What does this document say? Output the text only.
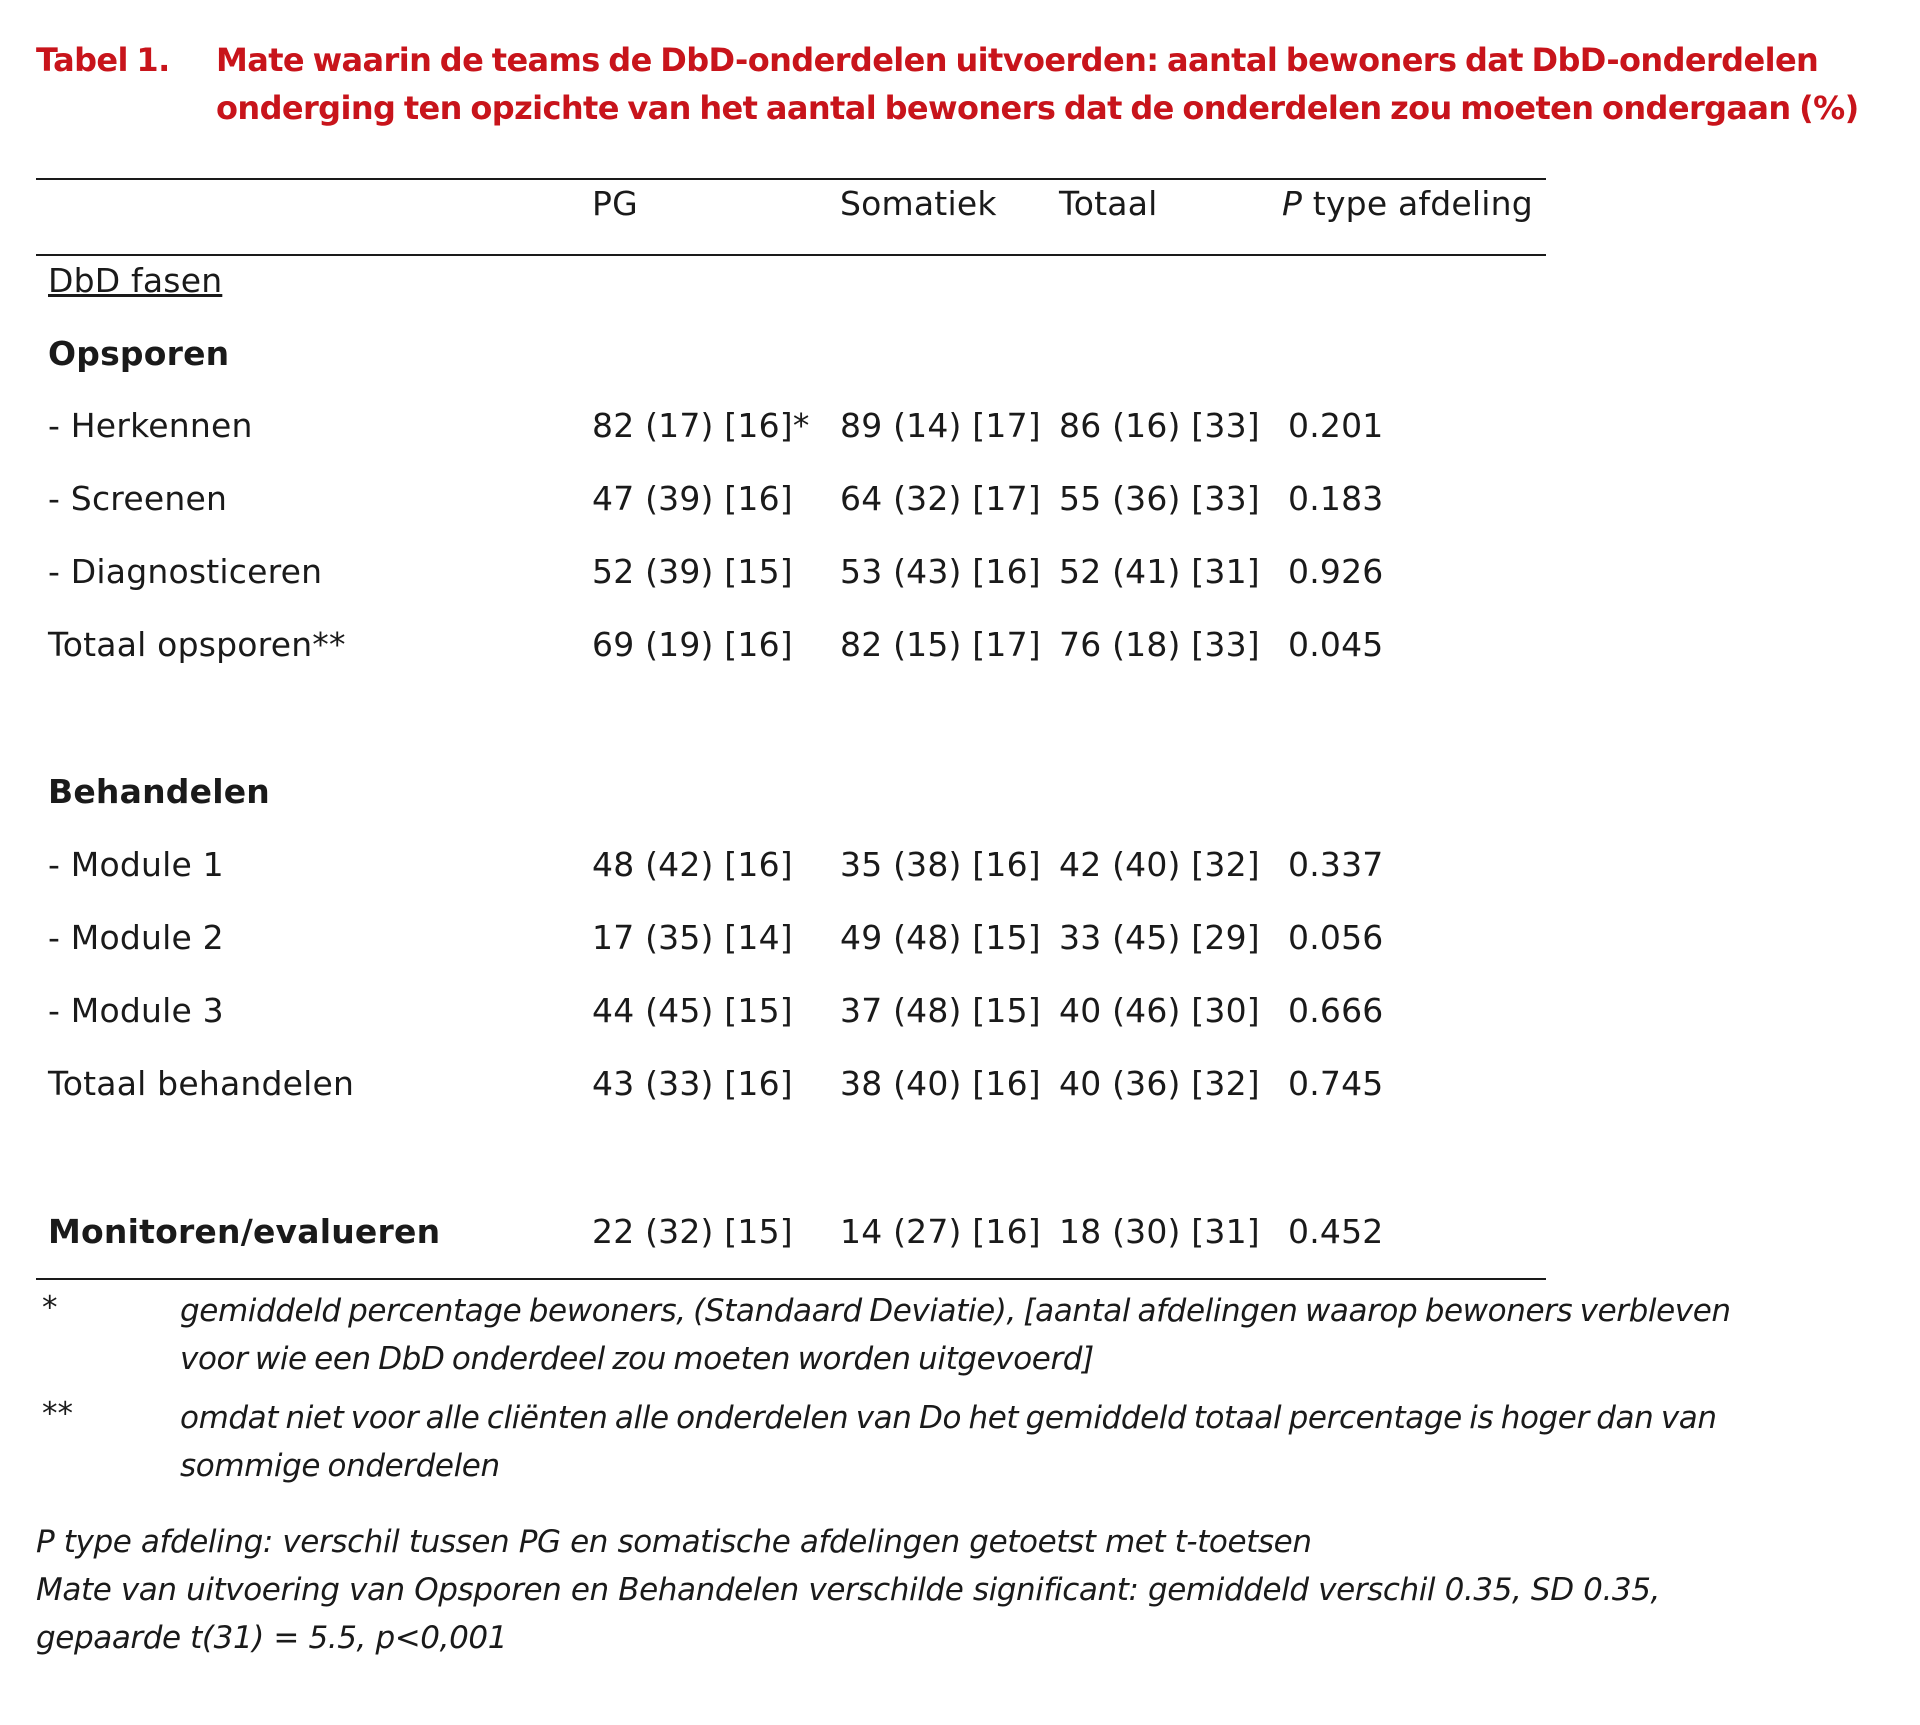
Tabel 1. Mate waarin de teams de DbD-onderdelen uitvoerden: aantal bewoners dat DbD-onderdelen
onderging ten opzichte van het aantal bewoners dat de onderdelen zou moeten ondergaan (%)
PG	Somatiek Totaal	P type afdeling
DbD fasen
Opsporen
- Herkennen	82 (17) [16]* 89 (14) [17] 86 (16) [33] 0.201
- Screenen	47 (39) [16] 64 (32) [17] 55 (36) [33] 0.183
- Diagnosticeren	52 (39) [15] 53 (43) [16] 52 (41) [31] 0.926
Totaal opsporen**	69 (19) [16] 82 (15) [17] 76 (18) [33] 0.045
Behandelen
- Module 1	48 (42) [16] 35 (38) [16] 42 (40) [32] 0.337
- Module 2	17 (35) [14] 49 (48) [15] 33 (45) [29] 0.056
- Module 3	44 (45) [15] 37 (48) [15] 40 (46) [30] 0.666
Totaal behandelen	43 (33) [16] 38 (40) [16] 40 (36) [32] 0.745
Monitoren/evalueren	22 (32) [15] 14 (27) [16] 18 (30) [31] 0.452
*	gemiddeld percentage bewoners, (Standaard Deviatie), [aantal afdelingen waarop bewoners verbleven
voor wie een DbD onderdeel zou moeten worden uitgevoerd]
**	omdat niet voor alle cliënten alle onderdelen van Do het gemiddeld totaal percentage is hoger dan van
sommige onderdelen
P type afdeling: verschil tussen PG en somatische afdelingen getoetst met t-toetsen
Mate van uitvoering van Opsporen en Behandelen verschilde significant: gemiddeld verschil 0.35, SD 0.35,
gepaarde t(31) = 5.5, p<0,001
